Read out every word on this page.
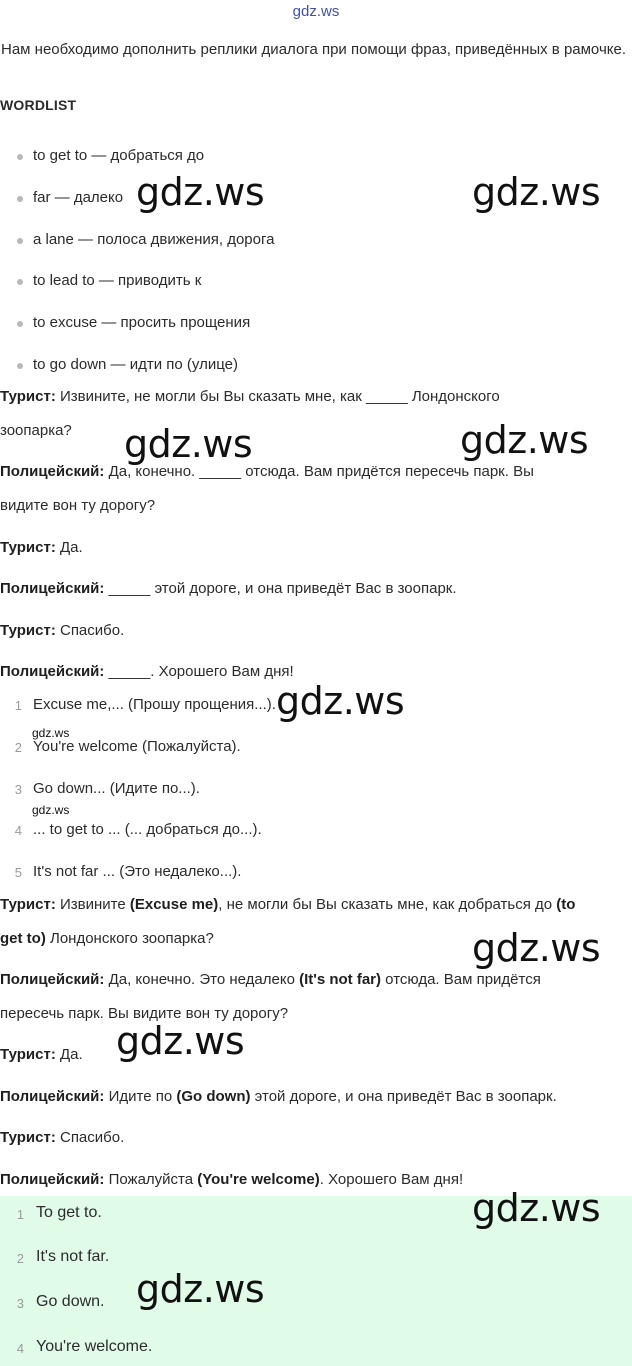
gdz.ws
Нам необходимо дополнить реплики диалога при помощи фраз, приведённых в рамочке.
WORDLIST
to get to — добраться до
far — далеко
a lane — полоса движения, дорога
to lead to — приводить к
to excuse — просить прощения
to go down — идти по (улице)
Турист: Извините, не могли бы Вы сказать мне, как _____ Лондонского
зоопарка?
Полицейский: Да, конечно. _____ отсюда. Вам придётся пересечь парк. Вы
видите вон ту дорогу?
Турист: Да.
Полицейский: _____ этой дороге, и она приведёт Вас в зоопарк.
Турист: Спасибо.
Полицейский: _____. Хорошего Вам дня!
1 Excuse me,... (Прошу прощения...).
2 You're welcome (Пожалуйста).
3 Go down... (Идите по...).
4 ... to get to ... (... добраться до...).
5 It's not far ... (Это недалеко...).
Турист: Извините (Excuse me), не могли бы Вы сказать мне, как добраться до (to
get to) Лондонского зоопарка?
Полицейский: Да, конечно. Это недалеко (It's not far) отсюда. Вам придётся
пересечь парк. Вы видите вон ту дорогу?
Турист: Да.
Полицейский: Идите по (Go down) этой дороге, и она приведёт Вас в зоопарк.
Турист: Спасибо.
Полицейский: Пожалуйста (You're welcome). Хорошего Вам дня!
1 To get to.
2 It's not far.
3 Go down.
4 You're welcome.
gdz.ws
gdz.ws
gdz.ws	gdz.ws
gdz.ws	gdz.ws
gdz.ws
gdz.ws
gdz.ws
gdz.ws
gdz.ws
